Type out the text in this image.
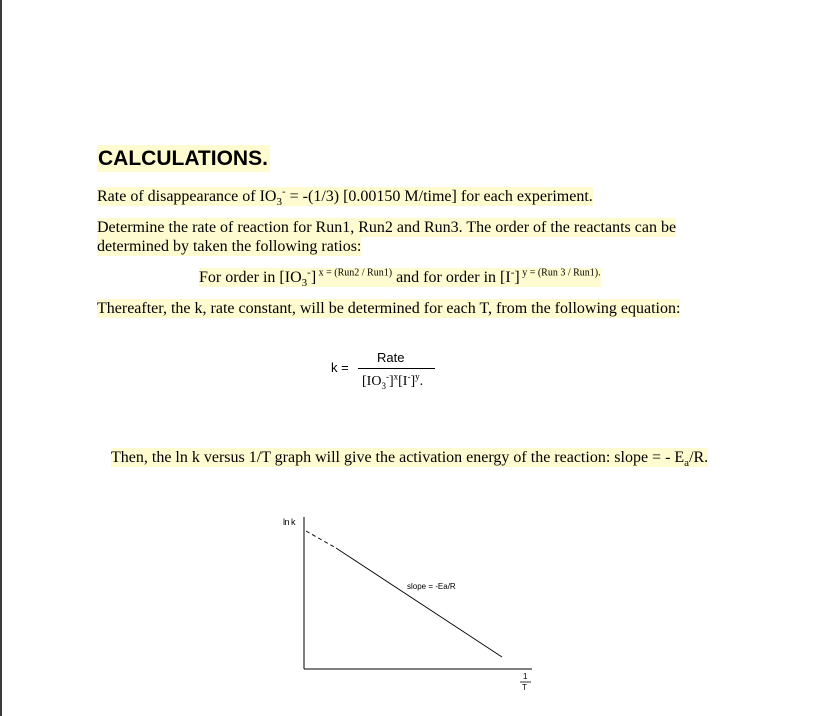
CALCULATIONS.
Rate of disappearance of $IO_3^- = -(1/3)$ [0.00150 M/time] for each experiment.
Determine the rate of reaction for Run1, Run2 and Run3. The order of the reactants can be
determined by taken the following ratios:
For order in $[IO_3^-]$ $^{x = (Run2 / Run1)}$ and for order in [I-] $^{y = (Run 3 / Run1).}$
Thereafter, the k, rate constant, will be determined for each T, from the following equation:
k =
Rate
$[IO_3^-]^x[I^-]^y$.
Then, the ln k versus 1/T graph will give the activation energy of the reaction: slope = - $E_a/R$.
ln k
slope = -Ea/R
1
T
